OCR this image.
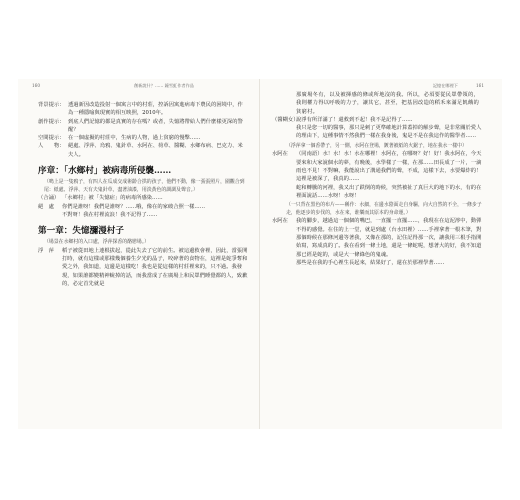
160	創新說什？…… 鐘雪虹作者作品
背景提示： 透過新因改造投射一個寓言中的村莊，控訴因寓進病毒下農民的困境中，作為一種隱喻與現實的相互映照，2010年。
創作提示： 到底人們記憶的都是真實的存在嗎？或者，失憶將帶給人們什麼樣更深的警醒？
空間提示： 在一個虛擬的村莊中，生病的人物，過上貧窮的慢擊……
人　　物： 絕處、浮萍、烏鴉、鬼針草、水阿在、荷草、醬糊、水鄉布病、巴克力、米夫人。
序章：「水鄉村」被病毒所侵襲……
（鳴上是一隻鴉子，有四人在瓜成交成術齡合拱的孩子，他們不動，像一張張照片，圍觀合到尾：紙處、浮萍、天有夫鬼針草，盡著油漆，用淡黃色的調調及聲音。）
（合誦） 「水鄉村」被「失憶症」的病毒所感染……
絕　處	你們是誰呀！我們是誰呀？……哦，像在的家破合照一樣……
不對呀！我在村裡流浪！我不記得了……
第一章：失憶瀰漫村子
（場景在水鄉村的入口處，浮萍探香的酪戀場。）
浮　萍	稻子被從田地上連根拔起，從此失去了它的前生。被這邊救會裡，因此，當張開打時，就有這樣或那樣幾個養生夕光的晶子，咬碎著的食物在，這裡是蛇爭奪和愛之外，我知道，這邊是這樣吃！我也是從這樣的村莊裡來的，只不過。我發現，如果誰都變精神蛻掉的話，而我當成了在廣場上和民眾們睡覺都的人，致歉的，必定首先就是
記憶在哪裡下	161

那廣場冬有，以及被揮感的條或所地沒的我。所以，必須要從民眾帶領的，我則權力得以呼吸的力子，讓其它，甚至，把基因改造的稻禾來滿足飢餓的貧窮村。

（醬糊女）
說淨有所洋滿了！還救到不起！我不是記得了……
我只是您一切的醫事，那只是刺了更準確地計算蓋掉的解步聲，是非常關於愛人的理由下，這種事情不然我們一樣在我身後，鬼是不是在我這作的醫學者……
（浮萍拿一個香帶子，另一側，水阿在登場，鍍著被紙的火鋸子，地在我水一樣中）
水阿在	（同南語）水！水！水！水在哪裡！水阿在，在哪呀？好！好！我水阿在，今天要來和大家說個水的夢，有晚後，水學樣了一樣，在那……田長成了一片，一滴雨也不見！不對嘛，我能說出了溝通我們的聲，不成，這樣下去，水要爆炸的！這裡是被深了，我真的……
蛇和轉騰的河裡，我又出了跌倒的時候，突然被扯了真巨大的地下的水，有的在裡面說話……水呀！水呀！
（一只背在黑色的布片——稱作：水細，在邊水陰面走自身驅，向大自然的不全，一條步子走，他逐步的步伐的，水在來，谁樂而其原本的身命運。）
水阿在	我的腳步，越過這一個個的嘴巴，一直擺一直擺……，我現在在這泥濘中，動彈不得的感覺。在住的上一堂，就是到處（台水田裡）……手裡拿著一根木筆，對那個時候在那條河邊等著我，又像在那的，記住記得那一次，讓我用三根手指開始寫，寫成真的了。我在看到一條土地，還是一條蛇呢，想著大的好，我不知道那已經是蛇的，或是大一條綠色的鬼魂。
那些是在我的手心裡生長起來，結果好了，還在於那裡學著……
